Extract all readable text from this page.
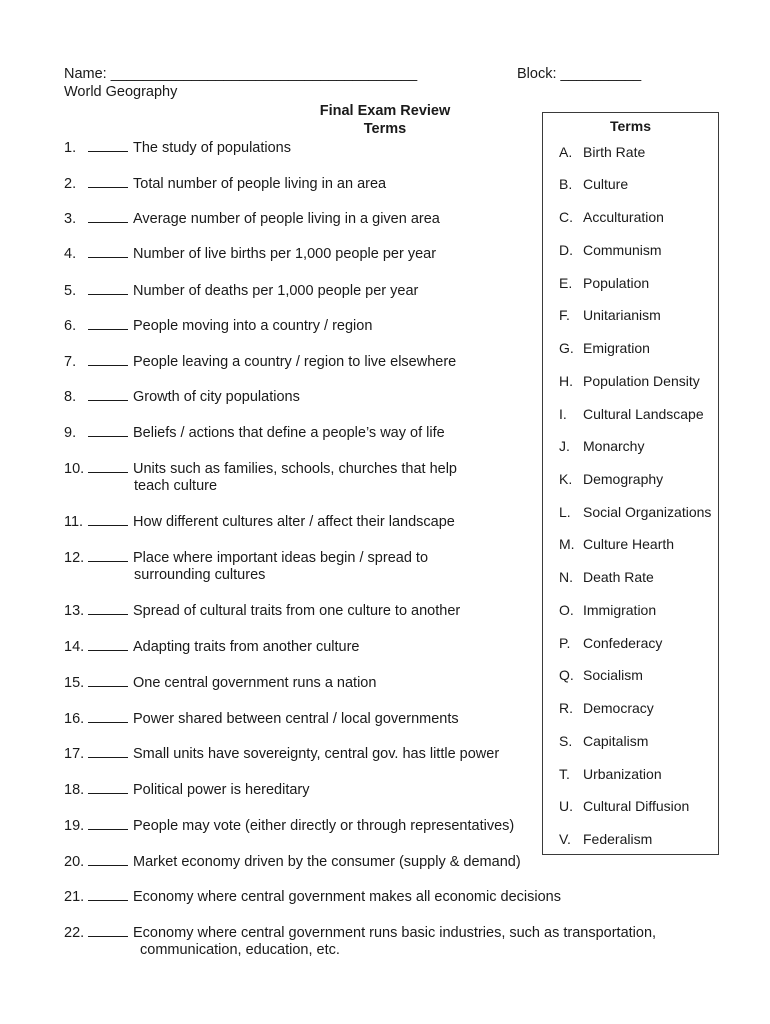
Name: ______________________________________	Block: __________
World Geography
Final Exam Review
Terms
1.	The study of populations
2.	Total number of people living in an area
3.	Average number of people living in a given area
4.	Number of live births per 1,000 people per year
5.	Number of deaths per 1,000 people per year
6.	People moving into a country / region
7.	People leaving a country / region to live elsewhere
8.	Growth of city populations
9.	Beliefs / actions that define a people’s way of life
10.	Units such as families, schools, churches that help
teach culture
11.	How different cultures alter / affect their landscape
12.	Place where important ideas begin / spread to
surrounding cultures
13.	Spread of cultural traits from one culture to another
14.	Adapting traits from another culture
15.	One central government runs a nation
16.	Power shared between central / local governments
17.	Small units have sovereignty, central gov. has little power
18.	Political power is hereditary
19.	People may vote (either directly or through representatives)
20.	Market economy driven by the consumer (supply & demand)
21.	Economy where central government makes all economic decisions
22.	Economy where central government runs basic industries, such as transportation,
communication, education, etc.
Terms
A. Birth Rate
B. Culture
C. Acculturation
D. Communism
E. Population
F. Unitarianism
G. Emigration
H. Population Density
I. Cultural Landscape
J. Monarchy
K. Demography
L. Social Organizations
M. Culture Hearth
N. Death Rate
O. Immigration
P. Confederacy
Q. Socialism
R. Democracy
S. Capitalism
T. Urbanization
U. Cultural Diffusion
V. Federalism
